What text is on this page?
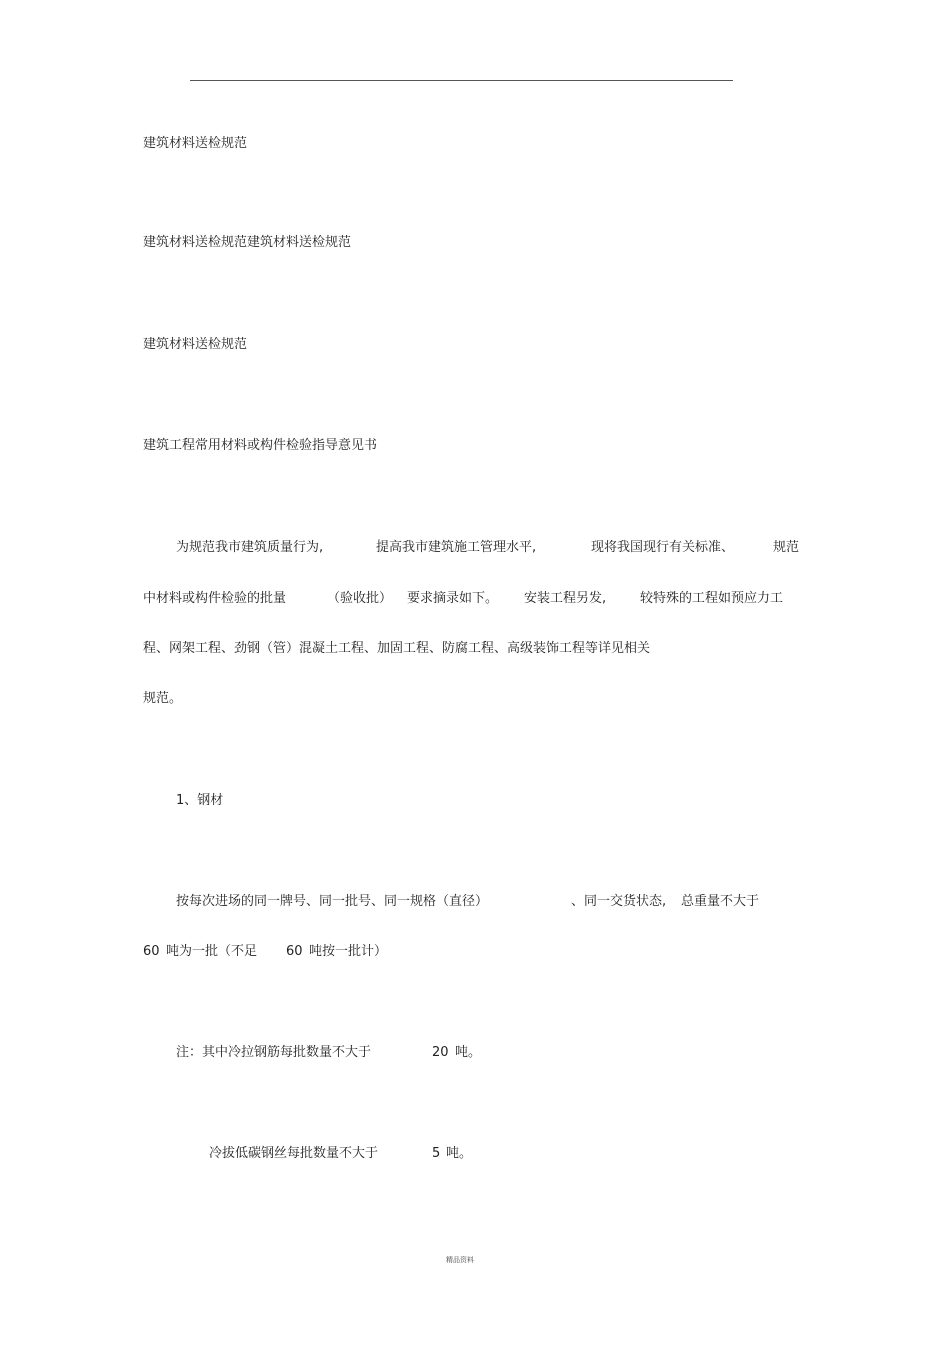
建筑材料送检规范
建筑材料送检规范建筑材料送检规范
建筑材料送检规范
建筑工程常用材料或构件检验指导意见书
为规范我市建筑质量行为,	提高我市建筑施工管理水平,	现将我国现行有关标准、	规范
中材料或构件检验的批量	（验收批） 要求摘录如下。 安装工程另发,	较特殊的工程如预应力工
程、网架工程、劲钢（管）混凝土工程、加固工程、防腐工程、高级装饰工程等详见相关
规范。
1、钢材
按每次进场的同一牌号、同一批号、同一规格（直径）	、同一交货状态, 总重量不大于
60 吨为一批（不足 60 吨按一批计）
注：其中冷拉钢筋每批数量不大于	20 吨。
冷拔低碳钢丝每批数量不大于	5 吨。
精品资料
